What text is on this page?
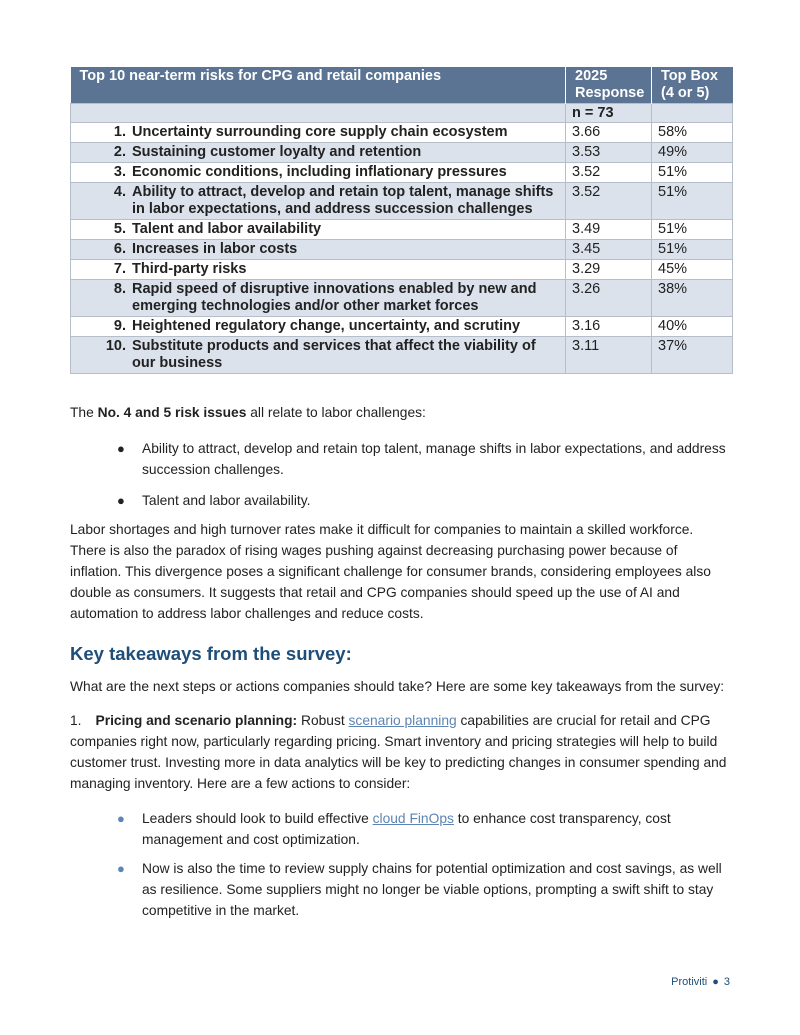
Top 10 near-term risks for CPG and retail companies	2025 Response	Top Box (4 or 5)
	n = 73	

1. Uncertainty surrounding core supply chain ecosystem	3.66	58%

2. Sustaining customer loyalty and retention	3.53	49%

3. Economic conditions, including inflationary pressures	3.52	51%

4. Ability to attract, develop and retain top talent, manage shifts in labor expectations, and address succession challenges	3.52	51%

5. Talent and labor availability	3.49	51%

6. Increases in labor costs	3.45	51%

7. Third-party risks	3.29	45%

8. Rapid speed of disruptive innovations enabled by new and emerging technologies and/or other market forces	3.26	38%

9. Heightened regulatory change, uncertainty, and scrutiny	3.16	40%

10. Substitute products and services that affect the viability of our business	3.11	37%

The No. 4 and 5 risk issues all relate to labor challenges:

● Ability to attract, develop and retain top talent, manage shifts in labor expectations, and address succession challenges.
● Talent and labor availability.

Labor shortages and high turnover rates make it difficult for companies to maintain a skilled workforce. There is also the paradox of rising wages pushing against decreasing purchasing power because of inflation. This divergence poses a significant challenge for consumer brands, considering employees also double as consumers. It suggests that retail and CPG companies should speed up the use of AI and automation to address labor challenges and reduce costs.

Key takeaways from the survey:

What are the next steps or actions companies should take? Here are some key takeaways from the survey:

1. Pricing and scenario planning: Robust scenario planning capabilities are crucial for retail and CPG companies right now, particularly regarding pricing. Smart inventory and pricing strategies will help to build customer trust. Investing more in data analytics will be key to predicting changes in consumer spending and managing inventory. Here are a few actions to consider:

● Leaders should look to build effective cloud FinOps to enhance cost transparency, cost management and cost optimization.
● Now is also the time to review supply chains for potential optimization and cost savings, as well as resilience. Some suppliers might no longer be viable options, prompting a swift shift to stay competitive in the market.
Protiviti ● 3
